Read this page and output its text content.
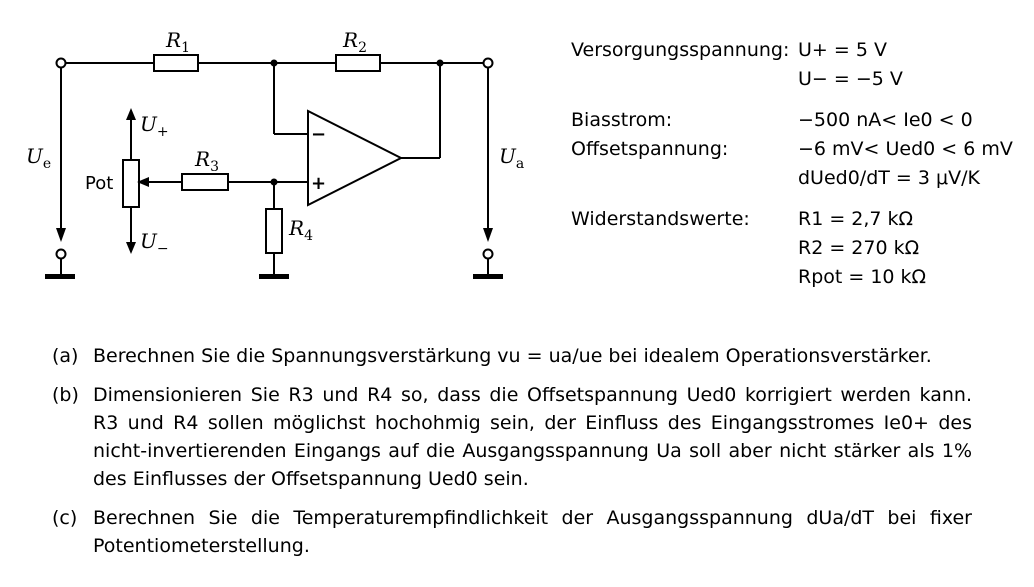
−
+
$R_1$	$R_2$
$R_3$
$R_4$
$U_e$	$U_a$
$U_+$
$U_-$
Pot
Versorgungsspannung: U+ = 5 V
U− = −5 V
Biasstrom:	−500 nA< Ie0 < 0
Offsetspannung:	−6 mV< Ued0 < 6 mV
dUed0/dT = 3 μV/K
Widerstandswerte:	R1 = 2,7 kΩ
R2 = 270 kΩ
Rpot = 10 kΩ
(a) Berechnen Sie die Spannungsverstärkung vu = ua/ue bei idealem Operationsverstärker.
(b) Dimensionieren Sie R3 und R4 so, dass die Offsetspannung Ued0 korrigiert werden kann. R3 und R4 sollen möglichst hochohmig sein, der Einfluss des Eingangsstromes Ie0+ des nicht-invertierenden Eingangs auf die Ausgangsspannung Ua soll aber nicht stärker als 1% des Einflusses der Offsetspannung Ued0 sein.
(c) Berechnen Sie die Temperaturempfindlichkeit der Ausgangsspannung dUa/dT bei fixer Potentiometerstellung.
